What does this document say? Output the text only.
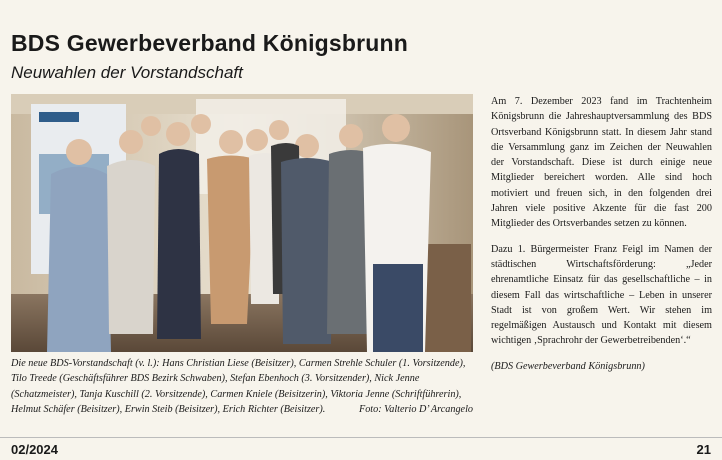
BDS Gewerbeverband Königsbrunn
Neuwahlen der Vorstandschaft
Die neue BDS-Vorstandschaft (v. l.): Hans Christian Liese (Beisitzer), Carmen Strehle Schuler (1. Vorsitzende), Tilo Treede (Geschäftsführer BDS Bezirk Schwaben), Stefan Ebenhoch (3. Vorsitzender), Nick Jenne (Schatzmeister), Tanja Kuschill (2. Vorsitzende), Carmen Kniele (Beisitzerin), Viktoria Jenne (Schriftführerin), Helmut Schäfer (Beisitzer), Erwin Steib (Beisitzer), Erich Richter (Beisitzer).	Foto: Valterio D’ Arcangelo

Am 7. Dezember 2023 fand im Trachtenheim Königsbrunn die Jahreshauptversammlung des BDS Ortsverband Königsbrunn statt. In diesem Jahr stand die Versammlung ganz im Zeichen der Neuwahlen der Vorstandschaft. Diese ist durch einige neue Mitglieder bereichert worden. Alle sind hoch motiviert und freuen sich, in den folgenden drei Jahren viele positive Akzente für die fast 200 Mitglieder des Ortsverbandes setzen zu können.

Dazu 1. Bürgermeister Franz Feigl im Namen der städtischen Wirtschaftsförderung: „Jeder ehrenamtliche Einsatz für das gesellschaftliche – in diesem Fall das wirtschaftliche – Leben in unserer Stadt ist von großem Wert. Wir stehen im regelmäßigen Austausch und Kontakt mit diesem wichtigen ‚Sprachrohr der Gewerbetreibenden‘.“

(BDS Gewerbeverband Königsbrunn)

02/2024	21
